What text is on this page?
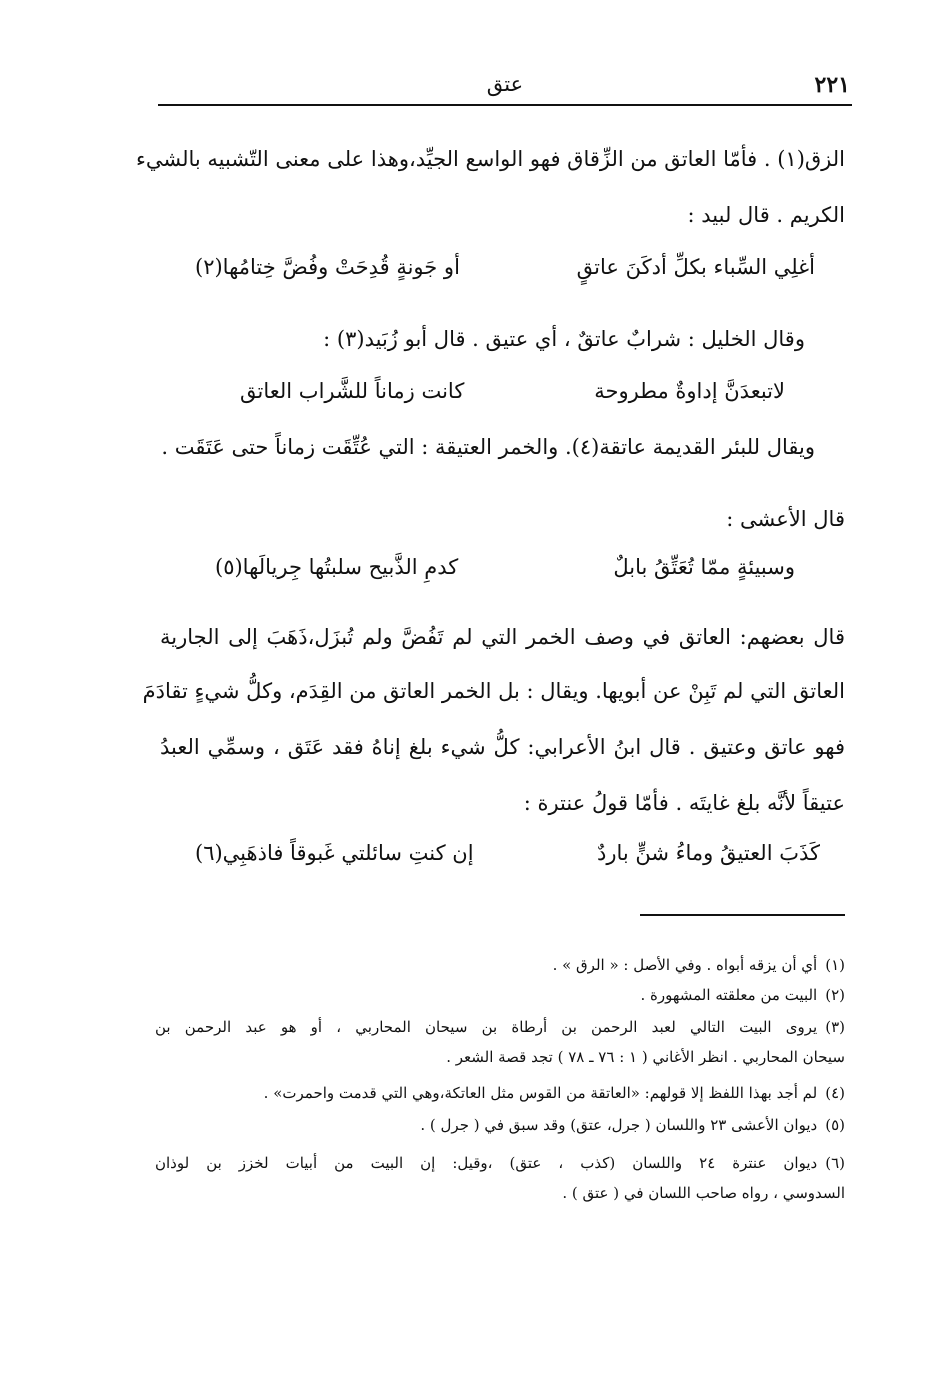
٢٢١
عتق
الزق(١) . فأمّا العاتق من الزِّقاق فهو الواسع الجيِّد،وهذا على معنى التّشبيه بالشيء
الكريم . قال لبيد :
أغلِي السِّباء بكلِّ أدكَنَ عاتقٍ
أو جَونةٍ قُدِحَتْ وفُضَّ خِتامُها(٢)
وقال الخليل : شرابٌ عاتقٌ ، أي عتيق . قال أبو زُبَيد(٣) :
لاتبعدَنَّ إداوةٌ مطروحة
كانت زماناً للشَّراب العاتق
ويقال للبئر القديمة عاتقة(٤). والخمر العتيقة : التي عُتِّقَت زماناً حتى عَتَقَت .
قال الأعشى :
وسبيئةٍ ممّا تُعَتِّقُ بابلٌ
كدمِ الذَّبيح سلبتُها جِريالَها(٥)
قال بعضهم: العاتق في وصف الخمر التي لم تَفُضَّ ولم تُبزَل،ذَهَبَ إلى الجارية
العاتق التي لم تَبِنْ عن أبويها. ويقال : بل الخمر العاتق من القِدَم، وكلُّ شيءٍ تقادَمَ
فهو عاتق وعتيق . قال ابنُ الأعرابي: كلُّ شيء بلغ إناهُ فقد عَتَق ، وسمِّي العبدُ
عتيقاً لأنَّه بلغ غايتَه . فأمّا قولُ عنترة :
كَذَبَ العتيقُ وماءُ شنٍّ باردٌ
إن كنتِ سائلتي غَبوقاً فاذهَبِي(٦)
(١)أي أن يزقه أبواه . وفي الأصل : « الرق » .
(٢)البيت من معلقته المشهورة .
(٣)يروى البيت التالي لعبد الرحمن بن أرطاة بن سيحان المحاربي ، أو هو عبد الرحمن بن
سيحان المحاربي . انظر الأغاني ( ١ : ٧٦ ـ ٧٨ ) تجد قصة الشعر .
(٤)لم أجد بهذا اللفظ إلا قولهم: «العاتقة من القوس مثل العاتكة،وهي التي قدمت واحمرت» .
(٥)ديوان الأعشى ٢٣ واللسان ( جرل، عتق) وقد سبق في ( جرل ) .
(٦)ديوان عنترة ٢٤ واللسان (كذب ، عتق) ،وقيل: إن البيت من أبيات لخزز بن لوذان
السدوسي ، رواه صاحب اللسان في ( عتق ) .
